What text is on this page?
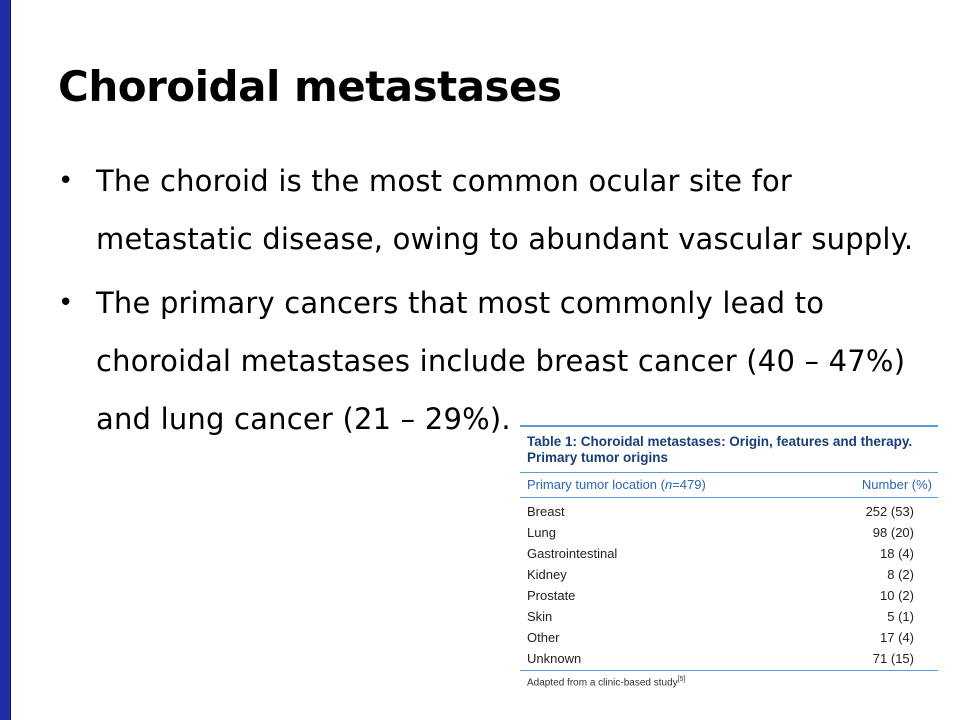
Choroidal metastases
• The choroid is the most common ocular site for metastatic disease, owing to abundant vascular supply.
• The primary cancers that most commonly lead to choroidal metastases include breast cancer (40 – 47%) and lung cancer (21 – 29%).
Table 1: Choroidal metastases: Origin, features and therapy. Primary tumor origins
Primary tumor location (n=479)	Number (%)
Breast	252 (53)
Lung	98 (20)
Gastrointestinal	18 (4)
Kidney	8 (2)
Prostate	10 (2)
Skin	5 (1)
Other	17 (4)
Unknown	71 (15)
Adapted from a clinic-based study[5]
